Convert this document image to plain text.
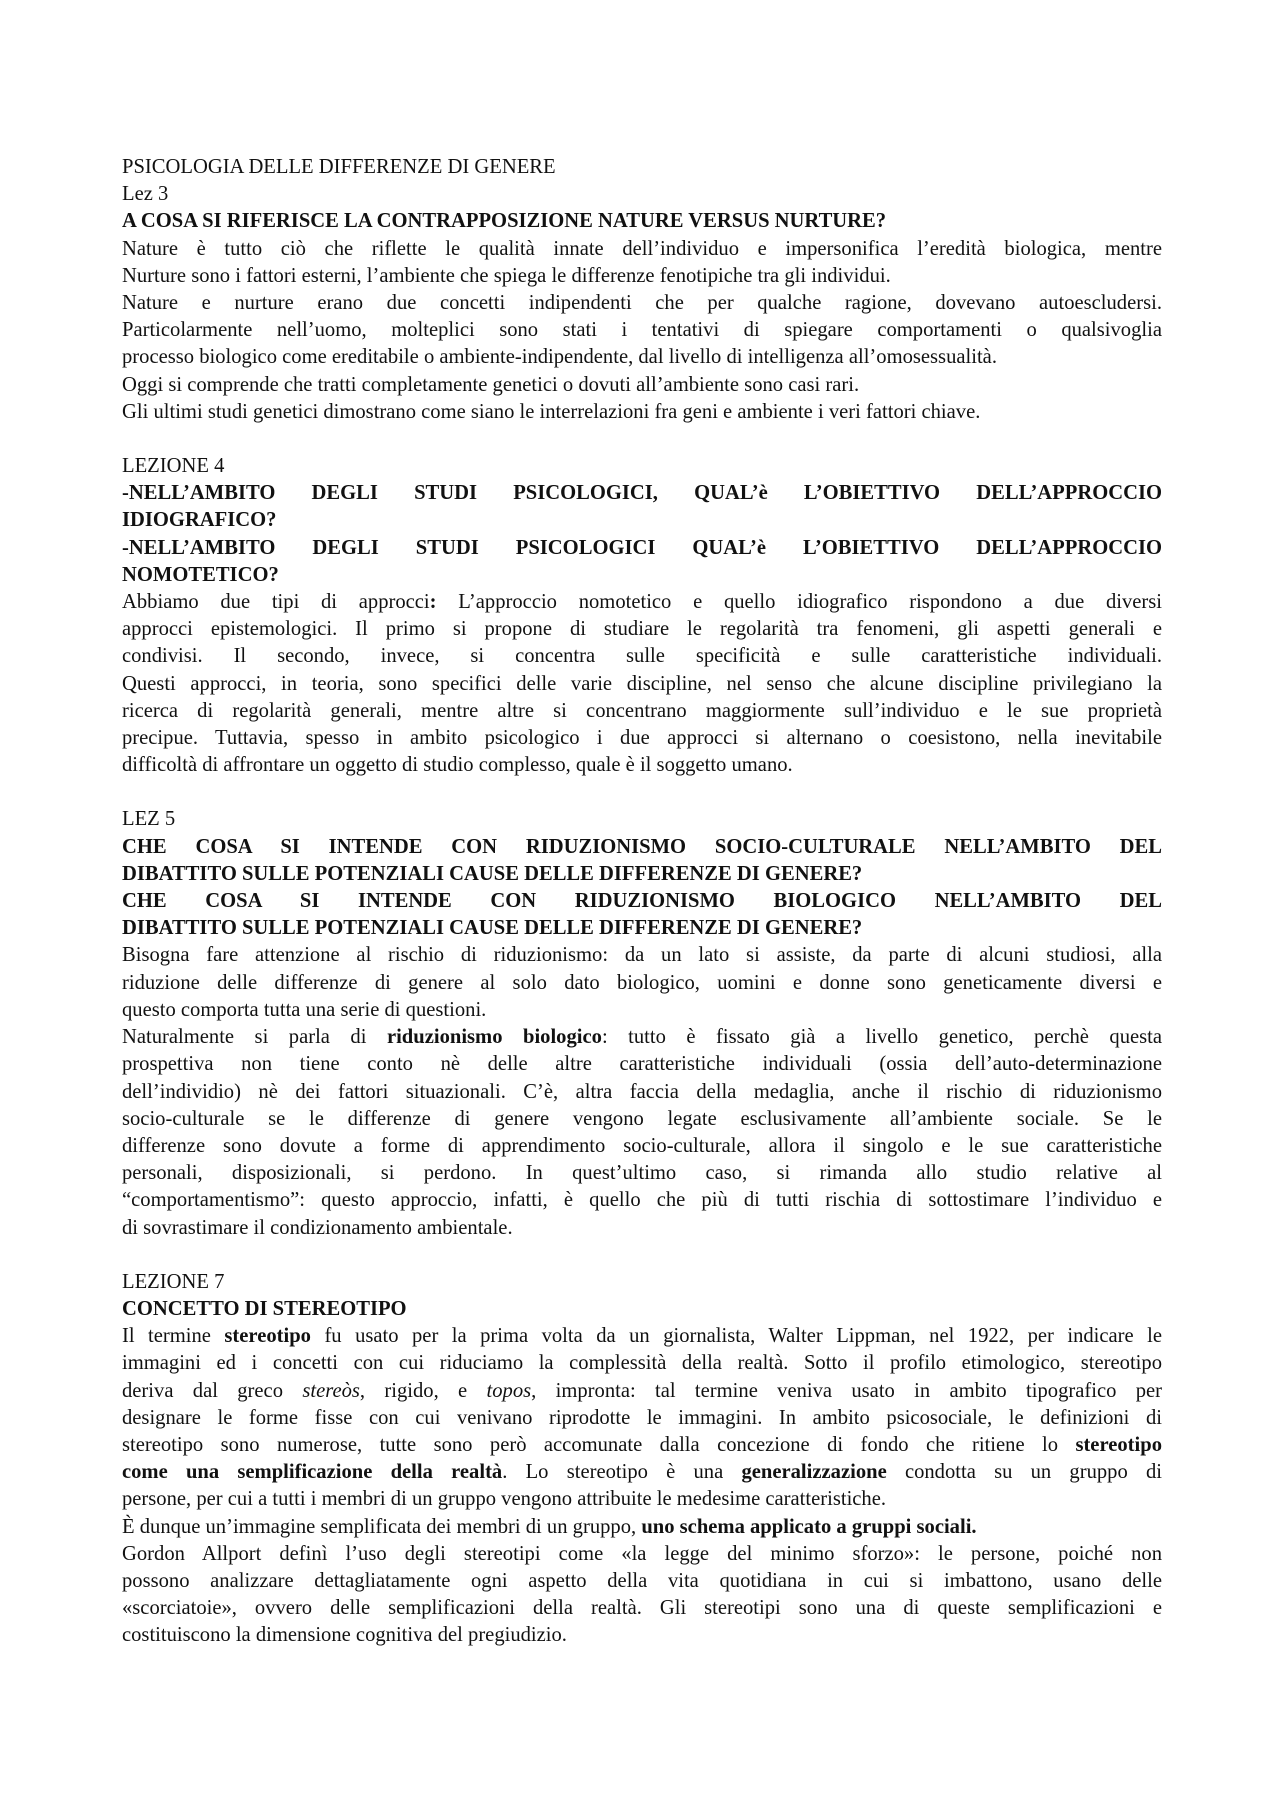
PSICOLOGIA DELLE DIFFERENZE DI GENERE
Lez 3
A COSA SI RIFERISCE LA CONTRAPPOSIZIONE NATURE VERSUS NURTURE?
Nature è tutto ciò che riflette le qualità innate dell’individuo e impersonifica l’eredità biologica, mentre
Nurture sono i fattori esterni, l’ambiente che spiega le differenze fenotipiche tra gli individui.
Nature e nurture erano due concetti indipendenti che per qualche ragione, dovevano autoescludersi.
Particolarmente nell’uomo, molteplici sono stati i tentativi di spiegare comportamenti o qualsivoglia
processo biologico come ereditabile o ambiente-indipendente, dal livello di intelligenza all’omosessualità.
Oggi si comprende che tratti completamente genetici o dovuti all’ambiente sono casi rari.
Gli ultimi studi genetici dimostrano come siano le interrelazioni fra geni e ambiente i veri fattori chiave.
LEZIONE 4
-NELL’AMBITO DEGLI STUDI PSICOLOGICI, QUAL’è L’OBIETTIVO DELL’APPROCCIO
IDIOGRAFICO?
-NELL’AMBITO DEGLI STUDI PSICOLOGICI QUAL’è L’OBIETTIVO DELL’APPROCCIO
NOMOTETICO?
Abbiamo due tipi di approcci: L’approccio nomotetico e quello idiografico rispondono a due diversi
approcci epistemologici. Il primo si propone di studiare le regolarità tra fenomeni, gli aspetti generali e
condivisi. Il secondo, invece, si concentra sulle specificità e sulle caratteristiche individuali.
Questi approcci, in teoria, sono specifici delle varie discipline, nel senso che alcune discipline privilegiano la
ricerca di regolarità generali, mentre altre si concentrano maggiormente sull’individuo e le sue proprietà
precipue. Tuttavia, spesso in ambito psicologico i due approcci si alternano o coesistono, nella inevitabile
difficoltà di affrontare un oggetto di studio complesso, quale è il soggetto umano.
LEZ 5
CHE COSA SI INTENDE CON RIDUZIONISMO SOCIO-CULTURALE NELL’AMBITO DEL
DIBATTITO SULLE POTENZIALI CAUSE DELLE DIFFERENZE DI GENERE?
CHE COSA SI INTENDE CON RIDUZIONISMO BIOLOGICO NELL’AMBITO DEL
DIBATTITO SULLE POTENZIALI CAUSE DELLE DIFFERENZE DI GENERE?
Bisogna fare attenzione al rischio di riduzionismo: da un lato si assiste, da parte di alcuni studiosi, alla
riduzione delle differenze di genere al solo dato biologico, uomini e donne sono geneticamente diversi e
questo comporta tutta una serie di questioni.
Naturalmente si parla di riduzionismo biologico: tutto è fissato già a livello genetico, perchè questa
prospettiva non tiene conto nè delle altre caratteristiche individuali (ossia dell’auto-determinazione
dell’individio) nè dei fattori situazionali. C’è, altra faccia della medaglia, anche il rischio di riduzionismo
socio-culturale se le differenze di genere vengono legate esclusivamente all’ambiente sociale. Se le
differenze sono dovute a forme di apprendimento socio-culturale, allora il singolo e le sue caratteristiche
personali, disposizionali, si perdono. In quest’ultimo caso, si rimanda allo studio relative al
“comportamentismo”: questo approccio, infatti, è quello che più di tutti rischia di sottostimare l’individuo e
di sovrastimare il condizionamento ambientale.
LEZIONE 7
CONCETTO DI STEREOTIPO
Il termine stereotipo fu usato per la prima volta da un giornalista, Walter Lippman, nel 1922, per indicare le
immagini ed i concetti con cui riduciamo la complessità della realtà. Sotto il profilo etimologico, stereotipo
deriva dal greco stereòs, rigido, e topos, impronta: tal termine veniva usato in ambito tipografico per
designare le forme fisse con cui venivano riprodotte le immagini. In ambito psicosociale, le definizioni di
stereotipo sono numerose, tutte sono però accomunate dalla concezione di fondo che ritiene lo stereotipo
come una semplificazione della realtà. Lo stereotipo è una generalizzazione condotta su un gruppo di
persone, per cui a tutti i membri di un gruppo vengono attribuite le medesime caratteristiche.
È dunque un’immagine semplificata dei membri di un gruppo, uno schema applicato a gruppi sociali.
Gordon Allport definì l’uso degli stereotipi come «la legge del minimo sforzo»: le persone, poiché non
possono analizzare dettagliatamente ogni aspetto della vita quotidiana in cui si imbattono, usano delle
«scorciatoie», ovvero delle semplificazioni della realtà. Gli stereotipi sono una di queste semplificazioni e
costituiscono la dimensione cognitiva del pregiudizio.
